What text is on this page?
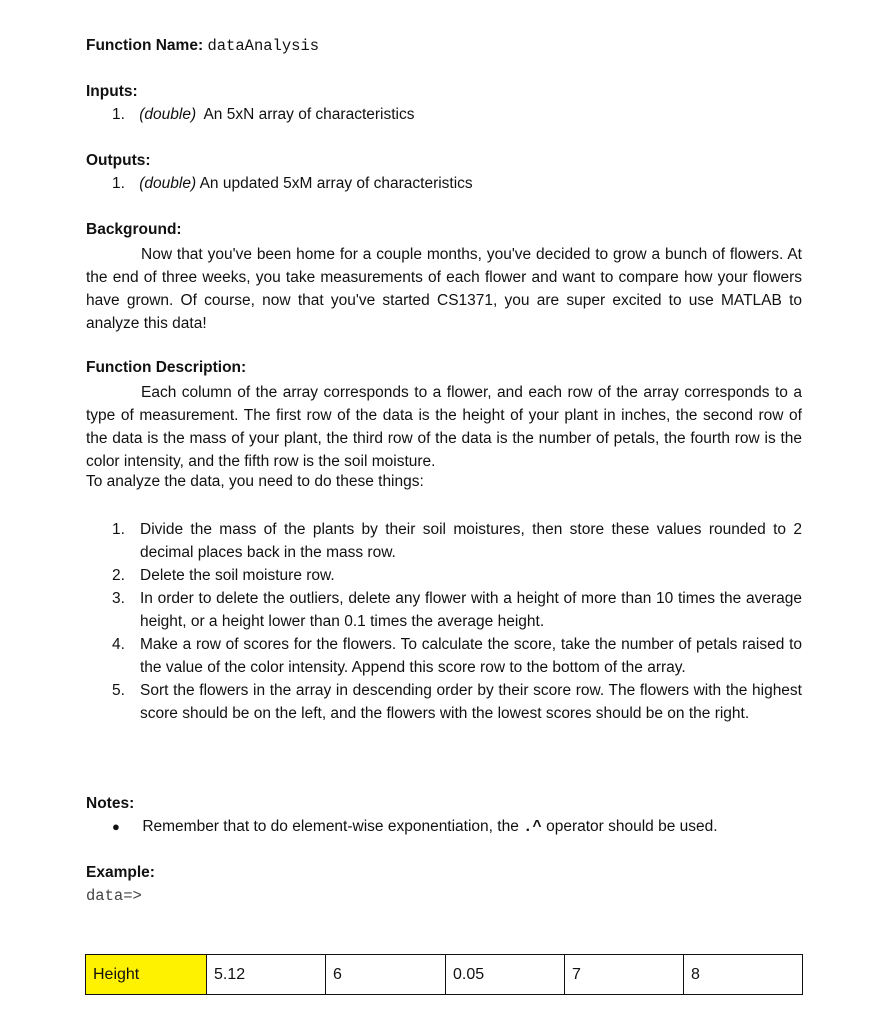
Function Name: dataAnalysis
Inputs:
1. (double) An 5xN array of characteristics
Outputs:
1. (double) An updated 5xM array of characteristics
Background:
Now that you've been home for a couple months, you've decided to grow a bunch of flowers. At the end of three weeks, you take measurements of each flower and want to compare how your flowers have grown. Of course, now that you've started CS1371, you are super excited to use MATLAB to analyze this data!
Function Description:
Each column of the array corresponds to a flower, and each row of the array corresponds to a type of measurement. The first row of the data is the height of your plant in inches, the second row of the data is the mass of your plant, the third row of the data is the number of petals, the fourth row is the color intensity, and the fifth row is the soil moisture.
To analyze the data, you need to do these things:
1. Divide the mass of the plants by their soil moistures, then store these values rounded to 2 decimal places back in the mass row.
2. Delete the soil moisture row.
3. In order to delete the outliers, delete any flower with a height of more than 10 times the average height, or a height lower than 0.1 times the average height.
4. Make a row of scores for the flowers. To calculate the score, take the number of petals raised to the value of the color intensity. Append this score row to the bottom of the array.
5. Sort the flowers in the array in descending order by their score row. The flowers with the highest score should be on the left, and the flowers with the lowest scores should be on the right.
Notes:
● Remember that to do element-wise exponentiation, the .^ operator should be used.
Example:
data=>
Height	5.12	6	0.05	7	8
